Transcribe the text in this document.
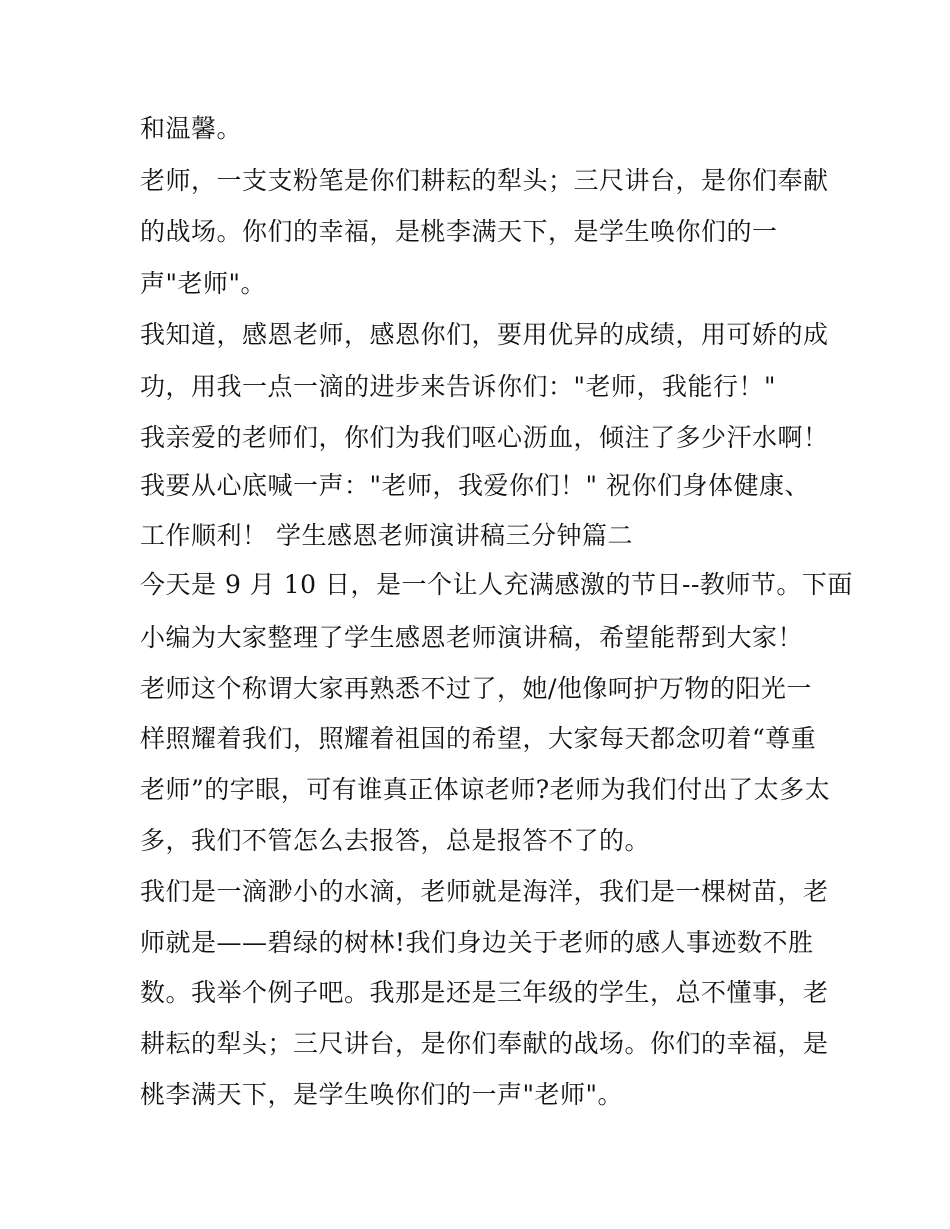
和温馨。

老师，一支支粉笔是你们耕耘的犁头；三尺讲台，是你们奉献

的战场。你们的幸福，是桃李满天下，是学生唤你们的一

声"老师"。

我知道，感恩老师，感恩你们，要用优异的成绩，用可娇的成

功，用我一点一滴的进步来告诉你们："老师，我能行！"

我亲爱的老师们，你们为我们呕心沥血，倾注了多少汗水啊！

我要从心底喊一声："老师，我爱你们！" 祝你们身体健康、

工作顺利！ 学生感恩老师演讲稿三分钟篇二

今天是 9 月 10 日，是一个让人充满感激的节日--教师节。下面

小编为大家整理了学生感恩老师演讲稿，希望能帮到大家！

老师这个称谓大家再熟悉不过了，她/他像呵护万物的阳光一

样照耀着我们，照耀着祖国的希望，大家每天都念叨着“尊重

老师”的字眼，可有谁真正体谅老师?老师为我们付出了太多太

多，我们不管怎么去报答，总是报答不了的。

我们是一滴渺小的水滴，老师就是海洋，我们是一棵树苗，老

师就是——碧绿的树林!我们身边关于老师的感人事迹数不胜

数。我举个例子吧。我那是还是三年级的学生，总不懂事，老

耕耘的犁头；三尺讲台，是你们奉献的战场。你们的幸福，是

桃李满天下，是学生唤你们的一声"老师"。
